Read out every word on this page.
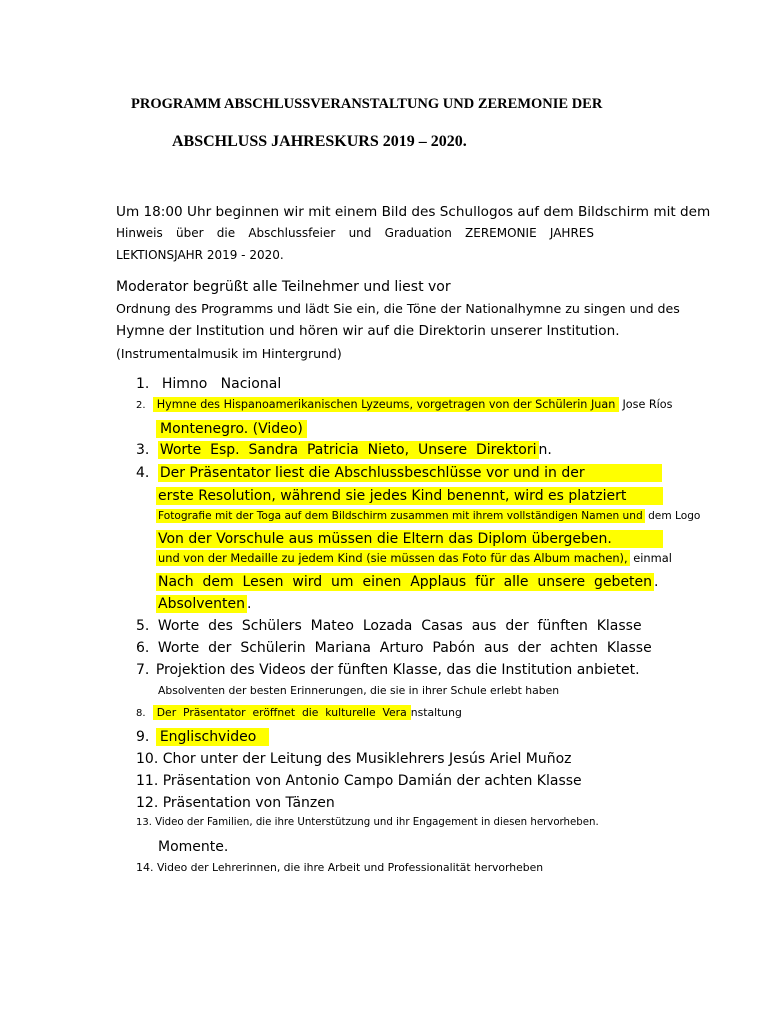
PROGRAMM ABSCHLUSSVERANSTALTUNG UND ZEREMONIE DER
ABSCHLUSS JAHRESKURS 2019 – 2020.
Um 18:00 Uhr beginnen wir mit einem Bild des Schullogos auf dem Bildschirm mit dem
Hinweis über die Abschlussfeier und Graduation ZEREMONIE JAHRES
LEKTIONSJAHR 2019 - 2020.
Moderator begrüßt alle Teilnehmer und liest vor
Ordnung des Programms und lädt Sie ein, die Töne der Nationalhymne zu singen und des
Hymne der Institution und hören wir auf die Direktorin unserer Institution.
(Instrumentalmusik im Hintergrund)
1. Himno   Nacional
2. Hymne des Hispanoamerikanischen Lyzeums, vorgetragen von der Schülerin Juan Jose Ríos
Montenegro. (Video)
3. Worte  Esp.  Sandra  Patricia  Nieto,  Unsere  Direktori n.
4. Der Präsentator liest die Abschlussbeschlüsse vor und in der
erste Resolution, während sie jedes Kind benennt, wird es platziert
Fotografie mit der Toga auf dem Bildschirm zusammen mit ihrem vollständigen Namen und dem Logo
Von der Vorschule aus müssen die Eltern das Diplom übergeben.
und von der Medaille zu jedem Kind (sie müssen das Foto für das Album machen), einmal
Nach  dem  Lesen  wird  um  einen  Applaus  für  alle  unsere  gebeten .
Absolventen .
5. Worte  des  Schülers  Mateo  Lozada  Casas  aus  der  fünften  Klasse
6. Worte  der  Schülerin  Mariana  Arturo  Pabón  aus  der  achten  Klasse
7. Projektion des Videos der fünften Klasse, das die Institution anbietet.
Absolventen der besten Erinnerungen, die sie in ihrer Schule erlebt haben
8. Der  Präsentator  eröffnet  die  kulturelle  Vera nstaltung
9. Englischvideo
10. Chor unter der Leitung des Musiklehrers Jesús Ariel Muñoz
11. Präsentation von Antonio Campo Damián der achten Klasse
12. Präsentation von Tänzen
13. Video der Familien, die ihre Unterstützung und ihr Engagement in diesen hervorheben.
Momente.
14. Video der Lehrerinnen, die ihre Arbeit und Professionalität hervorheben
